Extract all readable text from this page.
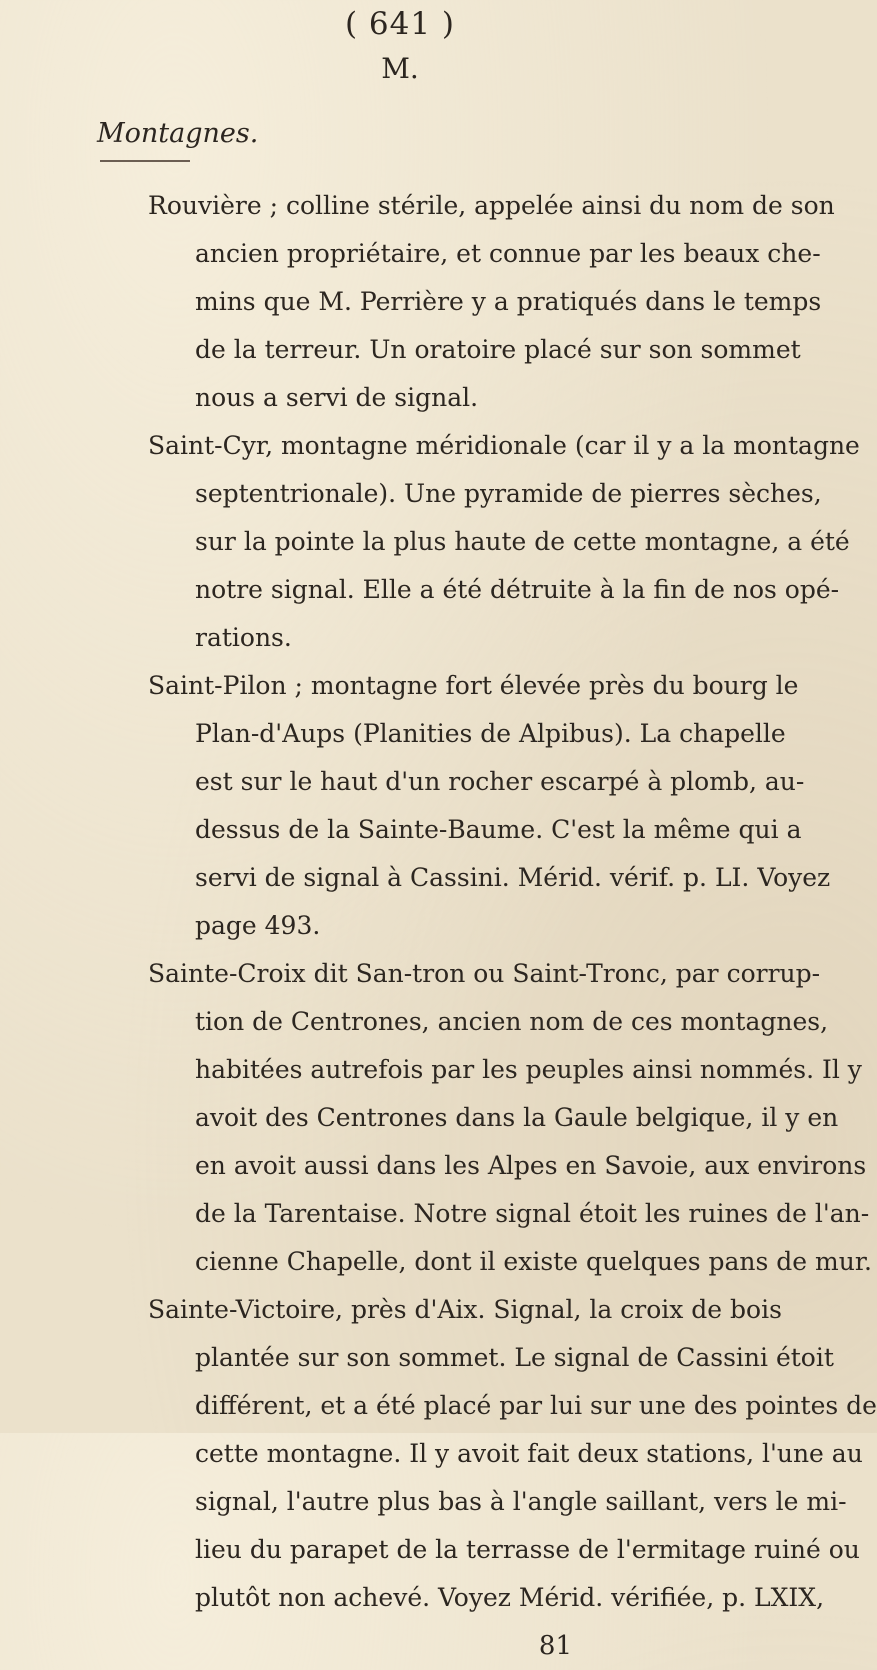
( 641 )
M.
Montagnes.
Rouvière ; colline stérile, appelée ainsi du nom de son
ancien propriétaire, et connue par les beaux che-
mins que M. Perrière y a pratiqués dans le temps
de la terreur. Un oratoire placé sur son sommet
nous a servi de signal.
Saint-Cyr, montagne méridionale (car il y a la montagne
septentrionale). Une pyramide de pierres sèches,
sur la pointe la plus haute de cette montagne, a été
notre signal. Elle a été détruite à la fin de nos opé-
rations.
Saint-Pilon ; montagne fort élevée près du bourg le
Plan-d'Aups (Planities de Alpibus). La chapelle
est sur le haut d'un rocher escarpé à plomb, au-
dessus de la Sainte-Baume. C'est la même qui a
servi de signal à Cassini. Mérid. vérif. p. LI. Voyez
page 493.
Sainte-Croix dit San-tron ou Saint-Tronc, par corrup-
tion de Centrones, ancien nom de ces montagnes,
habitées autrefois par les peuples ainsi nommés. Il y
avoit des Centrones dans la Gaule belgique, il y en
en avoit aussi dans les Alpes en Savoie, aux environs
de la Tarentaise. Notre signal étoit les ruines de l'an-
cienne Chapelle, dont il existe quelques pans de mur.
Sainte-Victoire, près d'Aix. Signal, la croix de bois
plantée sur son sommet. Le signal de Cassini étoit
différent, et a été placé par lui sur une des pointes de
cette montagne. Il y avoit fait deux stations, l'une au
signal, l'autre plus bas à l'angle saillant, vers le mi-
lieu du parapet de la terrasse de l'ermitage ruiné ou
plutôt non achevé. Voyez Mérid. vérifiée, p. LXIX,
81
